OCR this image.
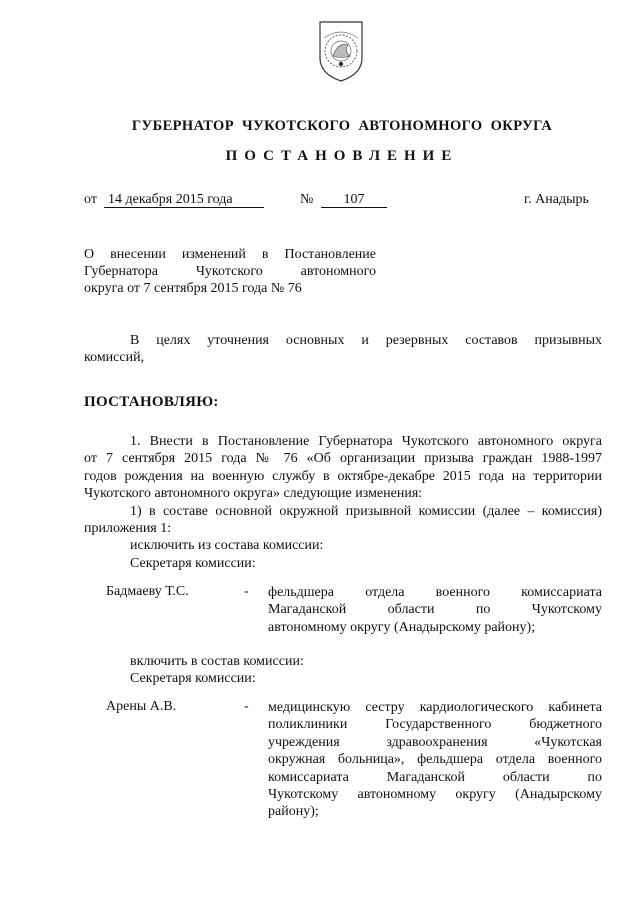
ГУБЕРНАТОР  ЧУКОТСКОГО  АВТОНОМНОГО  ОКРУГА
ПОСТАНОВЛЕНИЕ
от 14 декабря 2015 года	№	107	г. Анадырь
О внесении изменений в Постановление
Губернатора Чукотского автономного
округа от 7 сентября 2015 года № 76
В целях уточнения основных и резервных составов призывных
комиссий,
ПОСТАНОВЛЯЮ:
1. Внести в Постановление Губернатора Чукотского автономного округа
от 7 сентября 2015 года № 76 «Об организации призыва граждан 1988-1997
годов рождения на военную службу в октябре-декабре 2015 года на территории
Чукотского автономного округа» следующие изменения:
1) в составе основной окружной призывной комиссии (далее – комиссия)
приложения 1:
исключить из состава комиссии:
Секретаря комиссии:
Бадмаеву Т.С.	- фельдшера отдела военного комиссариата
Магаданской области по Чукотскому
автономному округу (Анадырскому району);
включить в состав комиссии:
Секретаря комиссии:
Арены А.В.	- медицинскую сестру кардиологического кабинета
поликлиники Государственного бюджетного
учреждения здравоохранения «Чукотская
окружная больница», фельдшера отдела военного
комиссариата Магаданской области по
Чукотскому автономному округу (Анадырскому
району);
